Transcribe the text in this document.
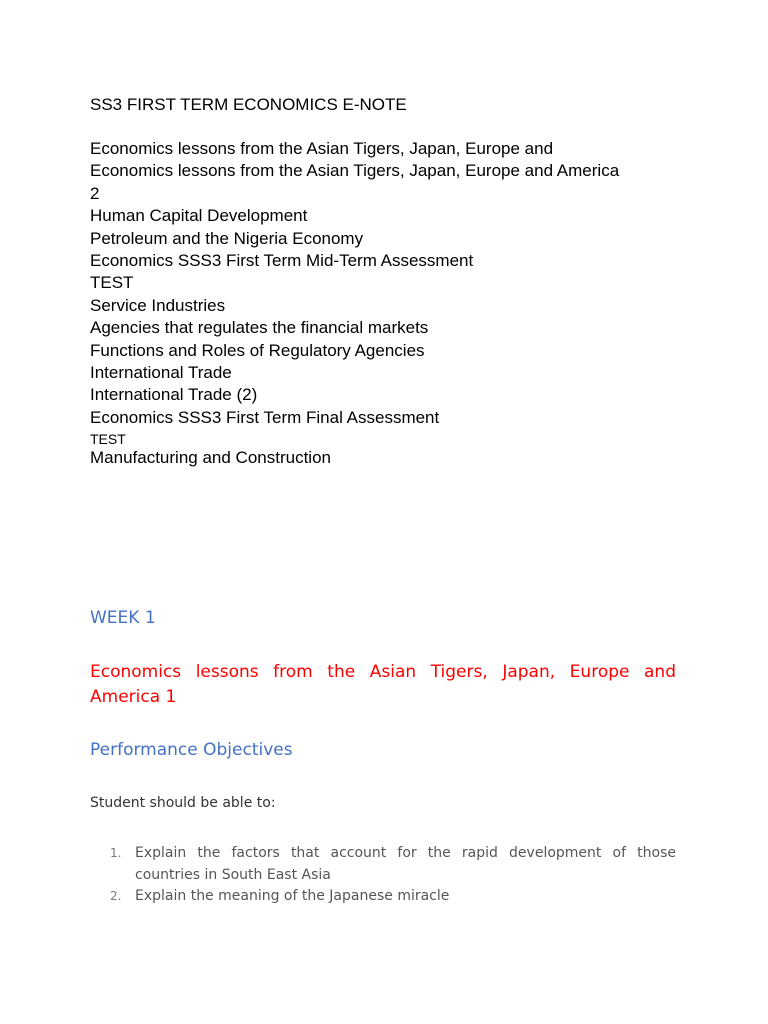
SS3 FIRST TERM ECONOMICS E-NOTE
Economics lessons from the Asian Tigers, Japan, Europe and
Economics lessons from the Asian Tigers, Japan, Europe and America 2
Human Capital Development
Petroleum and the Nigeria Economy
Economics SSS3 First Term Mid-Term Assessment
TEST
Service Industries
Agencies that regulates the financial markets
Functions and Roles of Regulatory Agencies
International Trade
International Trade (2)
Economics SSS3 First Term Final Assessment
TEST
Manufacturing and Construction
WEEK 1
Economics lessons from the Asian Tigers, Japan, Europe and America 1
Performance Objectives
Student should be able to:
1. Explain the factors that account for the rapid development of those countries in South East Asia
2. Explain the meaning of the Japanese miracle
